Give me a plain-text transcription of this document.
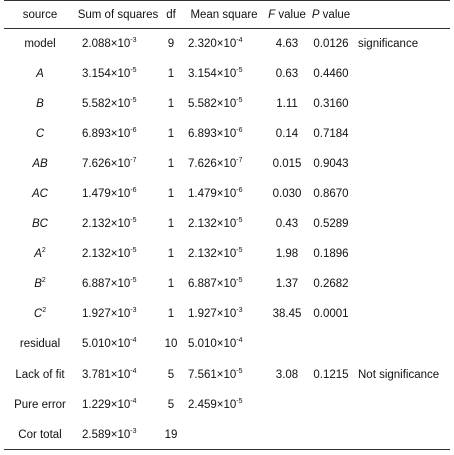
source	Sum of squares	df	Mean square	F value	P value	
model	$2.088\times 10^{-3}$	9	$2.320\times 10^{-4}$	4.63	0.0126	significance
A	$3.154\times 10^{-5}$	1	$3.154\times 10^{-5}$	0.63	0.4460	
B	$5.582\times 10^{-5}$	1	$5.582\times 10^{-5}$	1.11	0.3160	
C	$6.893\times 10^{-6}$	1	$6.893\times 10^{-6}$	0.14	0.7184	
AB	$7.626\times 10^{-7}$	1	$7.626\times 10^{-7}$	0.015	0.9043	
AC	$1.479\times 10^{-6}$	1	$1.479\times 10^{-6}$	0.030	0.8670	
BC	$2.132\times 10^{-5}$	1	$2.132\times 10^{-5}$	0.43	0.5289	
$A^2$	$2.132\times 10^{-5}$	1	$2.132\times 10^{-5}$	1.98	0.1896	
$B^2$	$6.887\times 10^{-5}$	1	$6.887\times 10^{-5}$	1.37	0.2682	
$C^2$	$1.927\times 10^{-3}$	1	$1.927\times 10^{-3}$	38.45	0.0001	
residual	$5.010\times 10^{-4}$	10	$5.010\times 10^{-4}$			
Lack of fit	$3.781\times 10^{-4}$	5	$7.561\times 10^{-5}$	3.08	0.1215	Not significance
Pure error	$1.229\times 10^{-4}$	5	$2.459\times 10^{-5}$			
Cor total	$2.589\times 10^{-3}$	19				
